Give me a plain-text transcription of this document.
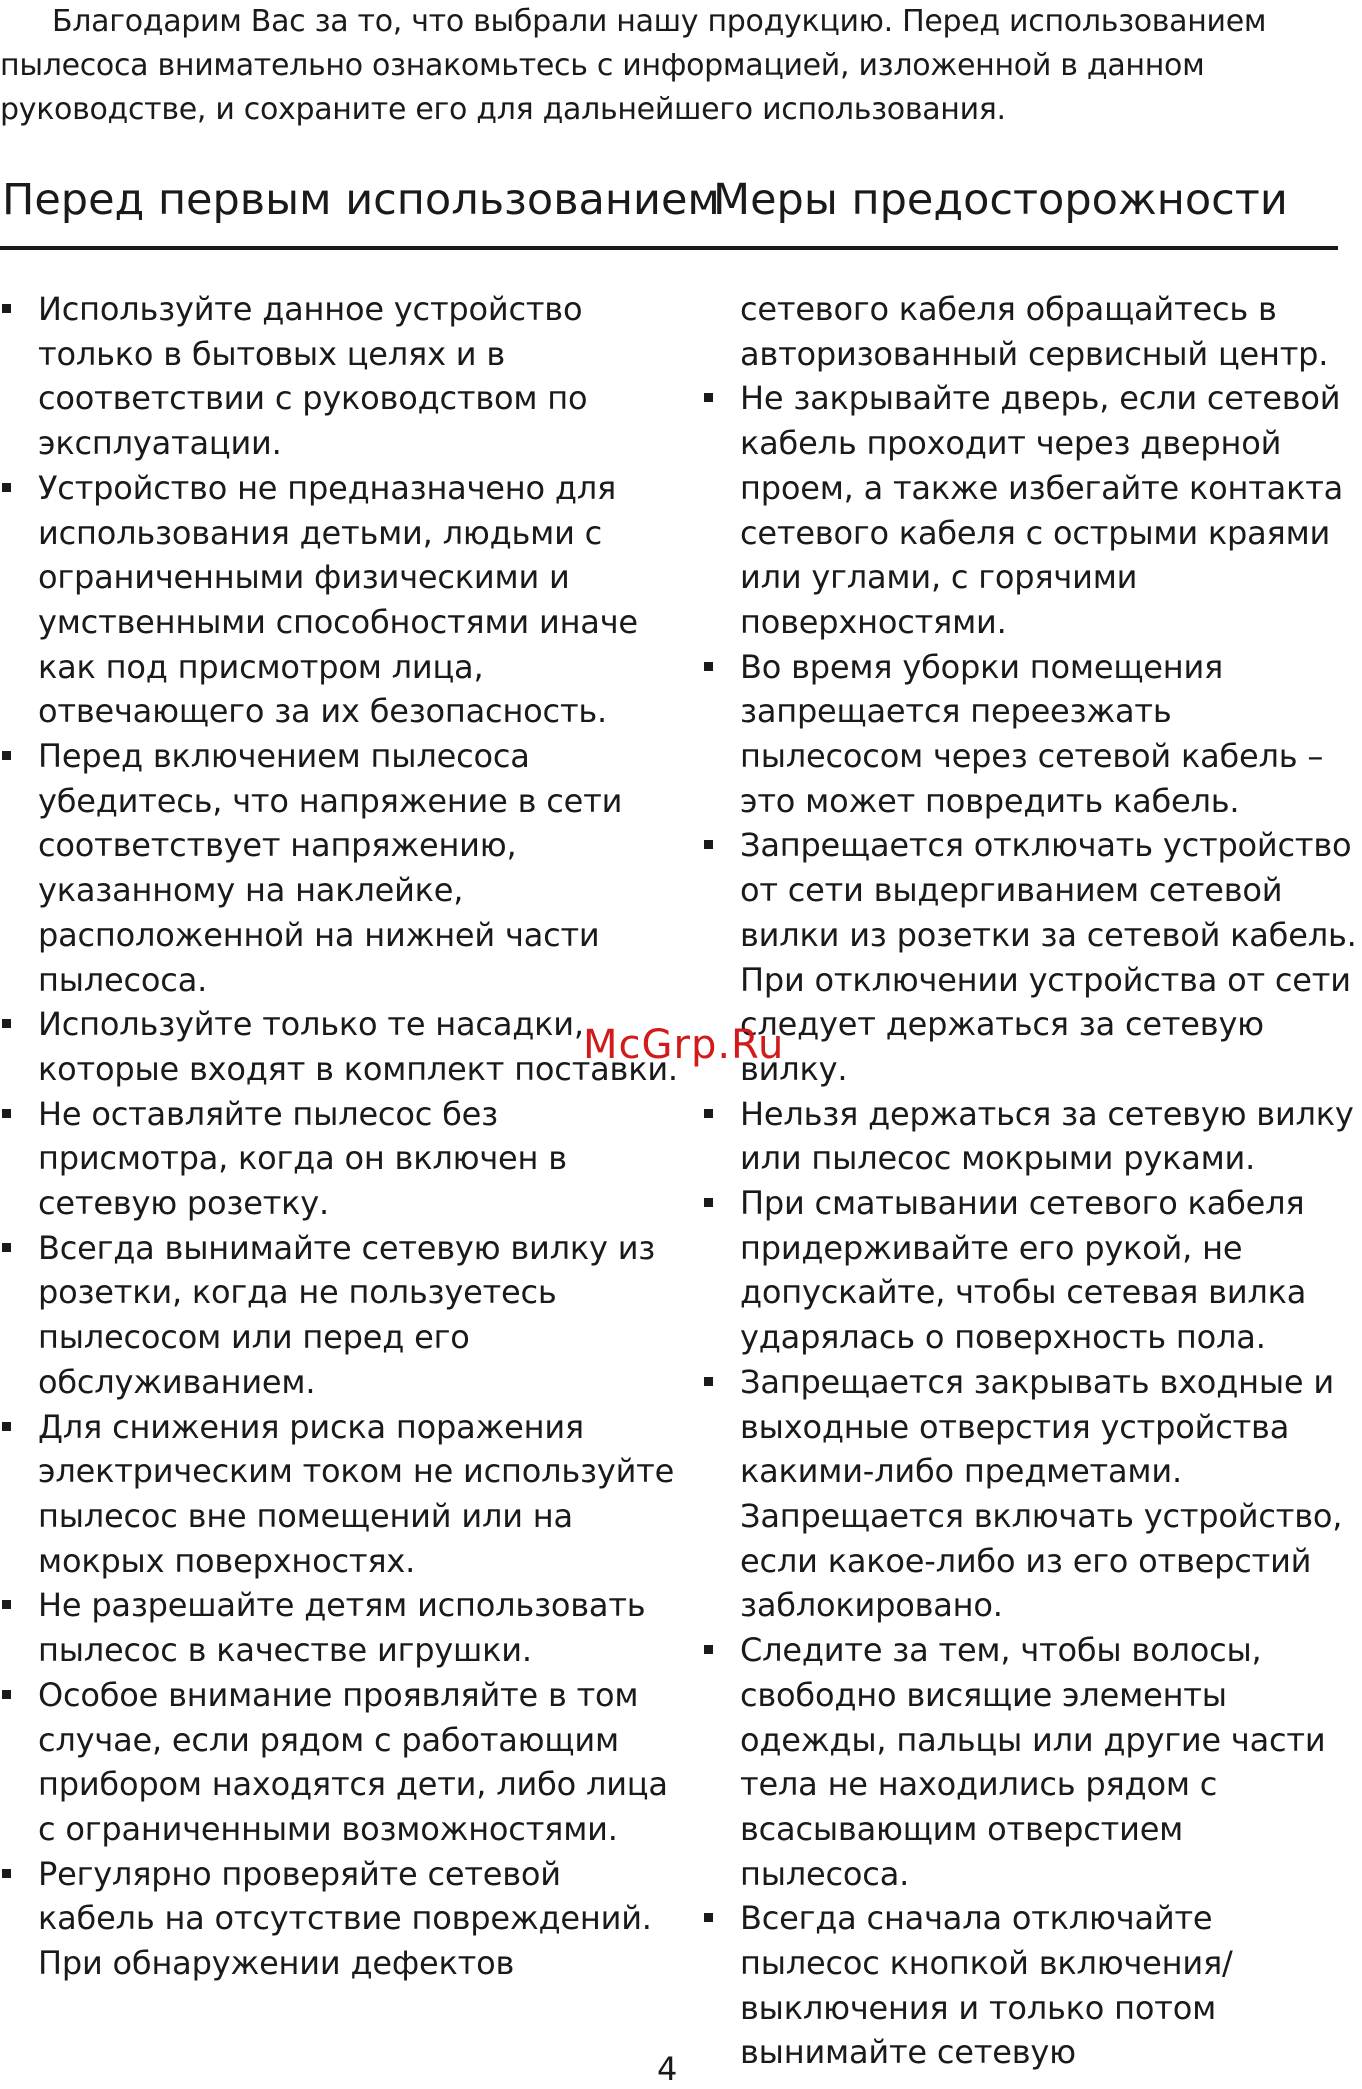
Благодарим Вас за то, что выбрали нашу продукцию. Перед использованием пылесоса внимательно ознакомьтесь с информацией, изложенной в данном руководстве, и сохраните его для дальнейшего использования.
Перед первым использованием
Меры предосторожности
Используйте данное устройство только в бытовых целях и в соответствии с руководством по эксплуатации.
Устройство не предназначено для использования детьми, людьми с ограниченными физическими и умственными способностями иначе как под присмотром лица, отвечающего за их безопасность.
Перед включением пылесоса убедитесь, что напряжение в сети соответствует напряжению, указанному на наклейке, расположенной на нижней части пылесоса.
Используйте только те насадки, которые входят в комплект поставки.
Не оставляйте пылесос без присмотра, когда он включен в сетевую розетку.
Всегда вынимайте сетевую вилку из розетки, когда не пользуетесь пылесосом или перед его обслуживанием.
Для снижения риска поражения электрическим током не используйте пылесос вне помещений или на мокрых поверхностях.
Не разрешайте детям использовать пылесос в качестве игрушки.
Особое внимание проявляйте в том случае, если рядом с работающим прибором находятся дети, либо лица с ограниченными возможностями.
Регулярно проверяйте сетевой кабель на отсутствие повреждений. При обнаружении дефектов
сетевого кабеля обращайтесь в авторизованный сервисный центр.
Не закрывайте дверь, если сетевой кабель проходит через дверной проем, а также избегайте контакта сетевого кабеля с острыми краями или углами, с горячими поверхностями.
Во время уборки помещения запрещается переезжать пылесосом через сетевой кабель – это может повредить кабель.
Запрещается отключать устройство от сети выдергиванием сетевой вилки из розетки за сетевой кабель. При отключении устройства от сети следует держаться за сетевую вилку.
Нельзя держаться за сетевую вилку или пылесос мокрыми руками.
При сматывании сетевого кабеля придерживайте его рукой, не допускайте, чтобы сетевая вилка ударялась о поверхность пола.
Запрещается закрывать входные и выходные отверстия устройства какими-либо предметами. Запрещается включать устройство, если какое-либо из его отверстий заблокировано.
Следите за тем, чтобы волосы, свободно висящие элементы одежды, пальцы или другие части тела не находились рядом с всасывающим отверстием пылесоса.
Всегда сначала отключайте пылесос кнопкой включения/выключения и только потом вынимайте сетевую
McGrp.Ru
4
